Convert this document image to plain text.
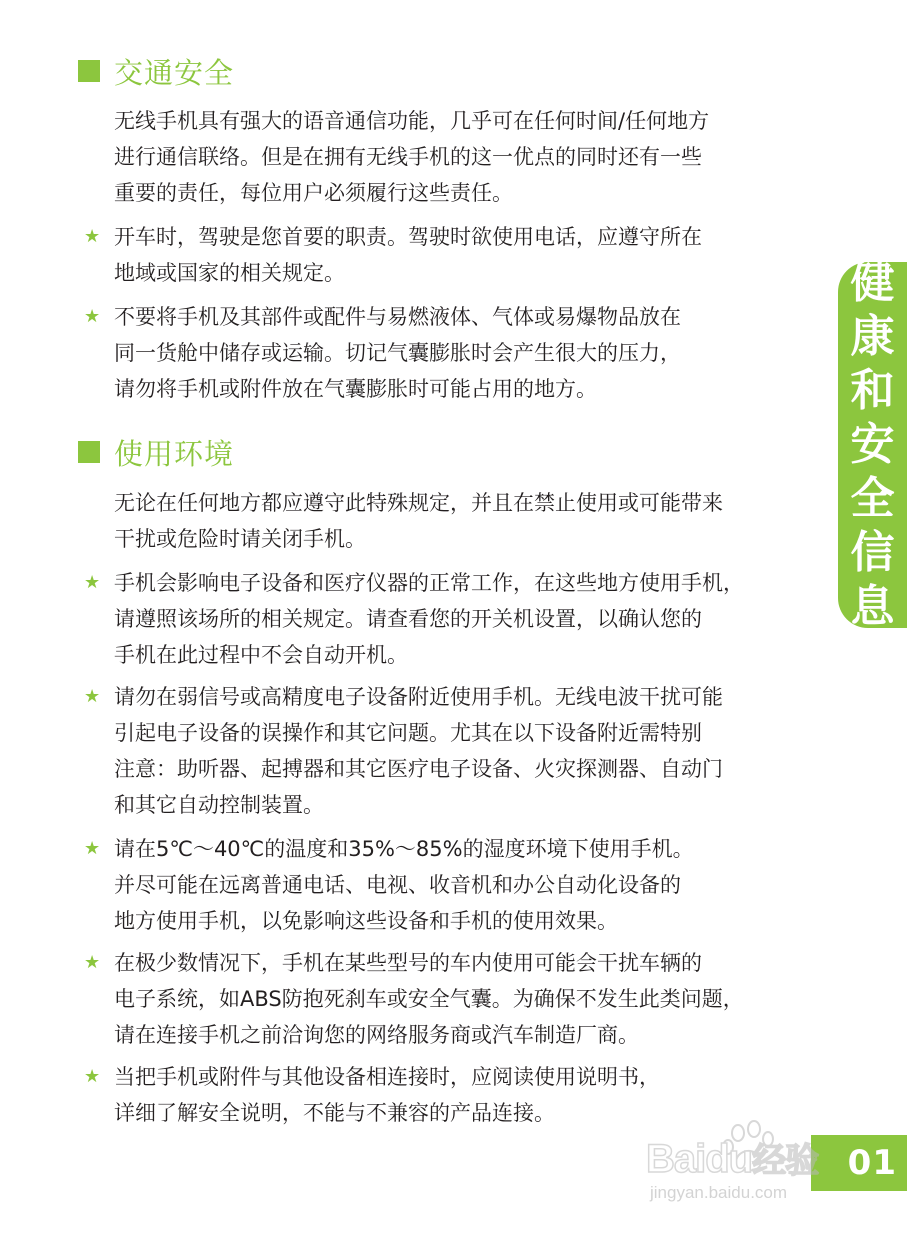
交通安全

无线手机具有强大的语音通信功能，几乎可在任何时间/任何地方
进行通信联络。但是在拥有无线手机的这一优点的同时还有一些
重要的责任，每位用户必须履行这些责任。

★ 开车时，驾驶是您首要的职责。驾驶时欲使用电话，应遵守所在
地域或国家的相关规定。

★ 不要将手机及其部件或配件与易燃液体、气体或易爆物品放在
同一货舱中储存或运输。切记气囊膨胀时会产生很大的压力，
请勿将手机或附件放在气囊膨胀时可能占用的地方。

使用环境

无论在任何地方都应遵守此特殊规定，并且在禁止使用或可能带来
干扰或危险时请关闭手机。

★ 手机会影响电子设备和医疗仪器的正常工作，在这些地方使用手机，
请遵照该场所的相关规定。请查看您的开关机设置，以确认您的
手机在此过程中不会自动开机。

★ 请勿在弱信号或高精度电子设备附近使用手机。无线电波干扰可能
引起电子设备的误操作和其它问题。尤其在以下设备附近需特别
注意：助听器、起搏器和其它医疗电子设备、火灾探测器、自动门
和其它自动控制装置。

★ 请在5℃～40℃的温度和35%～85%的湿度环境下使用手机。
并尽可能在远离普通电话、电视、收音机和办公自动化设备的
地方使用手机，以免影响这些设备和手机的使用效果。

★ 在极少数情况下，手机在某些型号的车内使用可能会干扰车辆的
电子系统，如ABS防抱死刹车或安全气囊。为确保不发生此类问题，
请在连接手机之前洽询您的网络服务商或汽车制造厂商。

★ 当把手机或附件与其他设备相连接时，应阅读使用说明书，
详细了解安全说明，不能与不兼容的产品连接。

健
康
和
安
全
信
息
01
Baidu经验
jingyan.baidu.com
